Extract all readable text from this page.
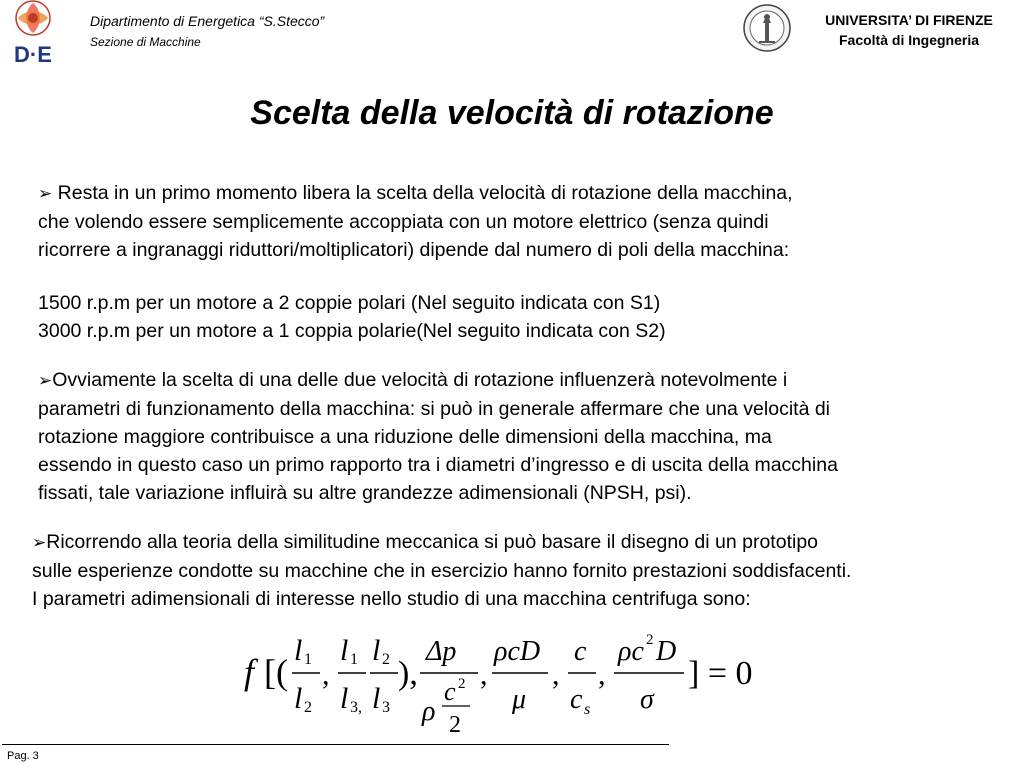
D·E
Dipartimento di Energetica “S.Stecco”
Sezione di Macchine
UNIVERSITA’ DI FIRENZE
Facoltà di Ingegneria
Scelta della velocità di rotazione
➢ Resta in un primo momento libera la scelta della velocità di rotazione della macchina,
che volendo essere semplicemente accoppiata con un motore elettrico (senza quindi
ricorrere a ingranaggi riduttori/moltiplicatori) dipende dal numero di poli della macchina:
1500 r.p.m per un motore a 2 coppie polari (Nel seguito indicata con S1)
3000 r.p.m per un motore a 1 coppia polarie(Nel seguito indicata con S2)
➢Ovviamente la scelta di una delle due velocità di rotazione influenzerà notevolmente i
parametri di funzionamento della macchina: si può in generale affermare che una velocità di
rotazione maggiore contribuisce a una riduzione delle dimensioni della macchina, ma
essendo in questo caso un primo rapporto tra i diametri d’ingresso e di uscita della macchina
fissati, tale variazione influirà su altre grandezze adimensionali (NPSH, psi).
➢Ricorrendo alla teoria della similitudine meccanica si può basare il disegno di un prototipo
sulle esperienze condotte su macchine che in esercizio hanno fornito prestazioni soddisfacenti.
I parametri adimensionali di interesse nello studio di una macchina centrifuga sono:
f [(
l 1
l 2
,
l 1
l 3,
l 2
l 3
),
Δp
ρ
c 2
2
,
ρcD
μ
,
c
c s
,
ρc 2 D
σ
] = 0
Pag. 3
